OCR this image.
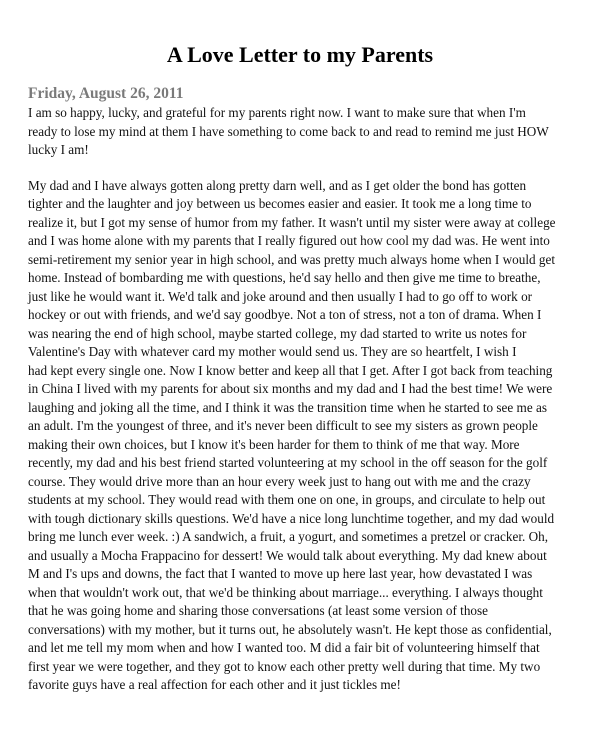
A Love Letter to my Parents
Friday, August 26, 2011

I am so happy, lucky, and grateful for my parents right now. I want to make sure that when I'm
ready to lose my mind at them I have something to come back to and read to remind me just HOW
lucky I am!

My dad and I have always gotten along pretty darn well, and as I get older the bond has gotten
tighter and the laughter and joy between us becomes easier and easier. It took me a long time to
realize it, but I got my sense of humor from my father. It wasn't until my sister were away at college
and I was home alone with my parents that I really figured out how cool my dad was. He went into
semi-retirement my senior year in high school, and was pretty much always home when I would get
home. Instead of bombarding me with questions, he'd say hello and then give me time to breathe,
just like he would want it. We'd talk and joke around and then usually I had to go off to work or
hockey or out with friends, and we'd say goodbye. Not a ton of stress, not a ton of drama. When I
was nearing the end of high school, maybe started college, my dad started to write us notes for
Valentine's Day with whatever card my mother would send us. They are so heartfelt, I wish I
had kept every single one. Now I know better and keep all that I get. After I got back from teaching
in China I lived with my parents for about six months and my dad and I had the best time! We were
laughing and joking all the time, and I think it was the transition time when he started to see me as
an adult. I'm the youngest of three, and it's never been difficult to see my sisters as grown people
making their own choices, but I know it's been harder for them to think of me that way. More
recently, my dad and his best friend started volunteering at my school in the off season for the golf
course. They would drive more than an hour every week just to hang out with me and the crazy
students at my school. They would read with them one on one, in groups, and circulate to help out
with tough dictionary skills questions. We'd have a nice long lunchtime together, and my dad would
bring me lunch ever week. :) A sandwich, a fruit, a yogurt, and sometimes a pretzel or cracker. Oh,
and usually a Mocha Frappacino for dessert! We would talk about everything. My dad knew about
M and I's ups and downs, the fact that I wanted to move up here last year, how devastated I was
when that wouldn't work out, that we'd be thinking about marriage... everything. I always thought
that he was going home and sharing those conversations (at least some version of those
conversations) with my mother, but it turns out, he absolutely wasn't. He kept those as confidential,
and let me tell my mom when and how I wanted too. M did a fair bit of volunteering himself that
first year we were together, and they got to know each other pretty well during that time. My two
favorite guys have a real affection for each other and it just tickles me!
